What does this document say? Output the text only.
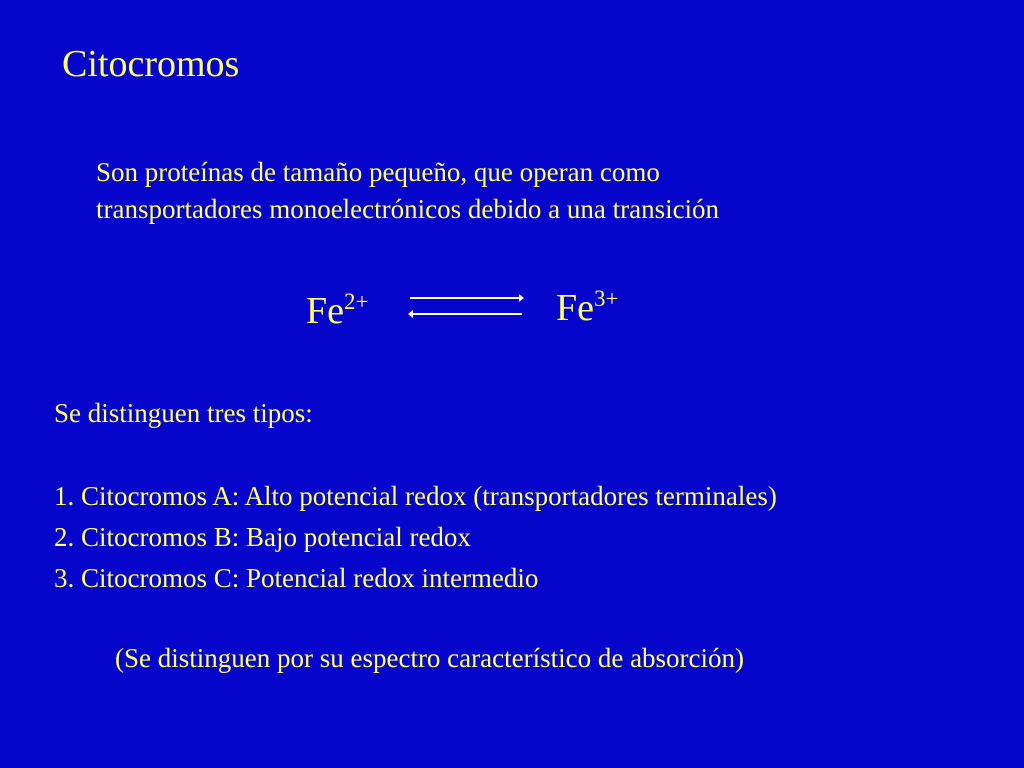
Citocromos
Son proteínas de tamaño pequeño, que operan como
transportadores monoelectrónicos debido a una transición
$Fe^{2+}$	$Fe^{3+}$
Se distinguen tres tipos:
1. Citocromos A: Alto potencial redox (transportadores terminales)
2. Citocromos B: Bajo potencial redox
3. Citocromos C: Potencial redox intermedio
(Se distinguen por su espectro característico de absorción)
